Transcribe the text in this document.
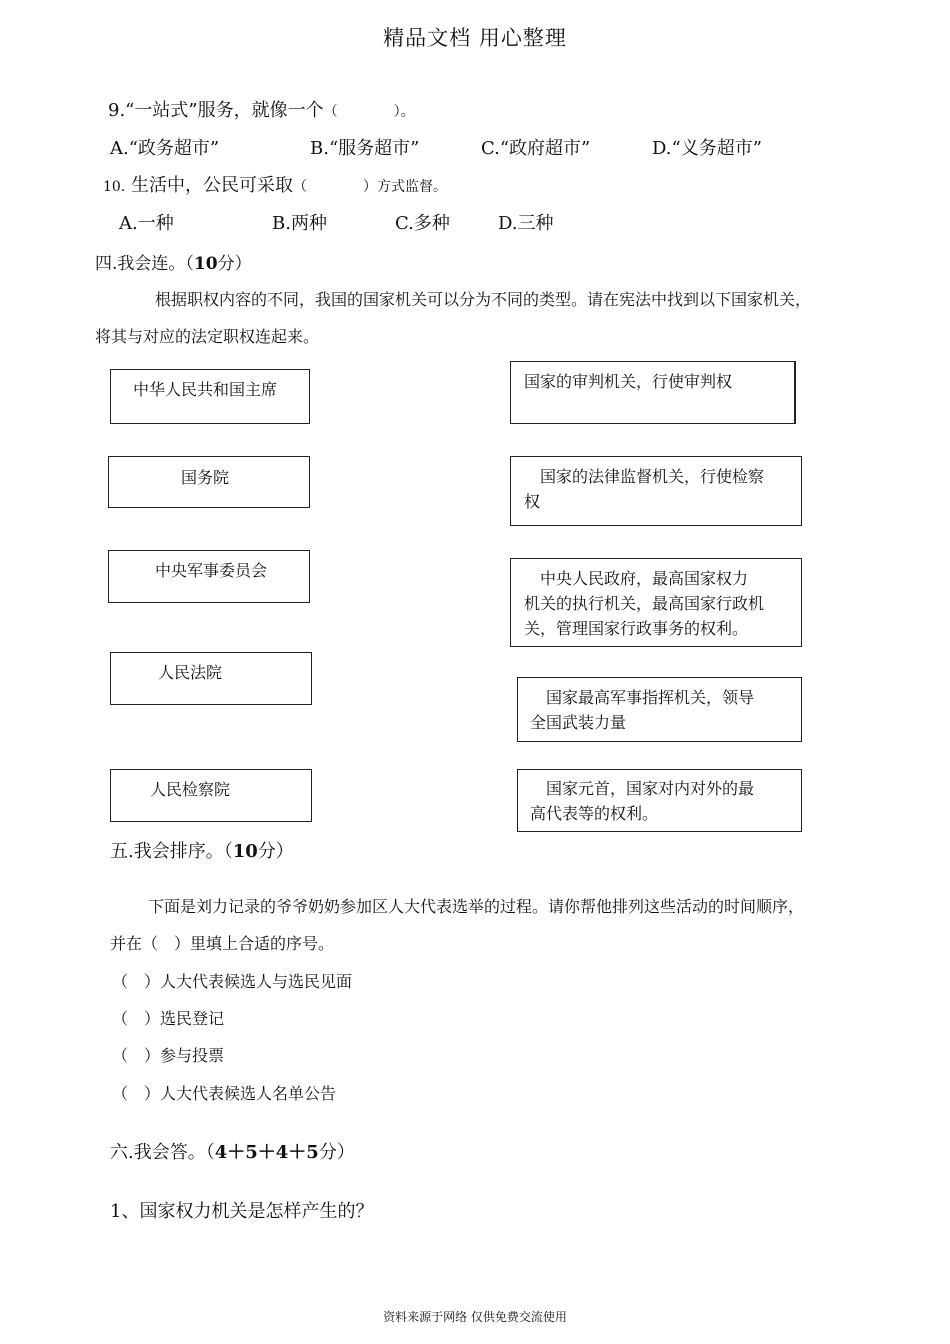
精品文档 用心整理
9.“一站式”服务，就像一个（　　　　）。
A.“政务超市”	B.“服务超市”	C.“政府超市”	D.“义务超市”
10. 生活中，公民可采取（　　　　）方式监督。
A.一种	B.两种	C.多种	D.三种
四.我会连。（10分）
根据职权内容的不同，我国的国家机关可以分为不同的类型。请在宪法中找到以下国家机关，
将其与对应的法定职权连起来。
中华人民共和国主席
国务院
中央军事委员会
人民法院
人民检察院
国家的审判机关，行使审判权
　国家的法律监督机关，行使检察
权
　中央人民政府，最高国家权力
机关的执行机关，最高国家行政机
关，管理国家行政事务的权利。
　国家最高军事指挥机关，领导
全国武装力量
　国家元首，国家对内对外的最
高代表等的权利。
五.我会排序。（10分）
下面是刘力记录的爷爷奶奶参加区人大代表选举的过程。请你帮他排列这些活动的时间顺序，
并在（　）里填上合适的序号。
（　）人大代表候选人与选民见面
（　）选民登记
（　）参与投票
（　）人大代表候选人名单公告
六.我会答。（4＋5＋4＋5分）
1、国家权力机关是怎样产生的？
资料来源于网络 仅供免费交流使用
